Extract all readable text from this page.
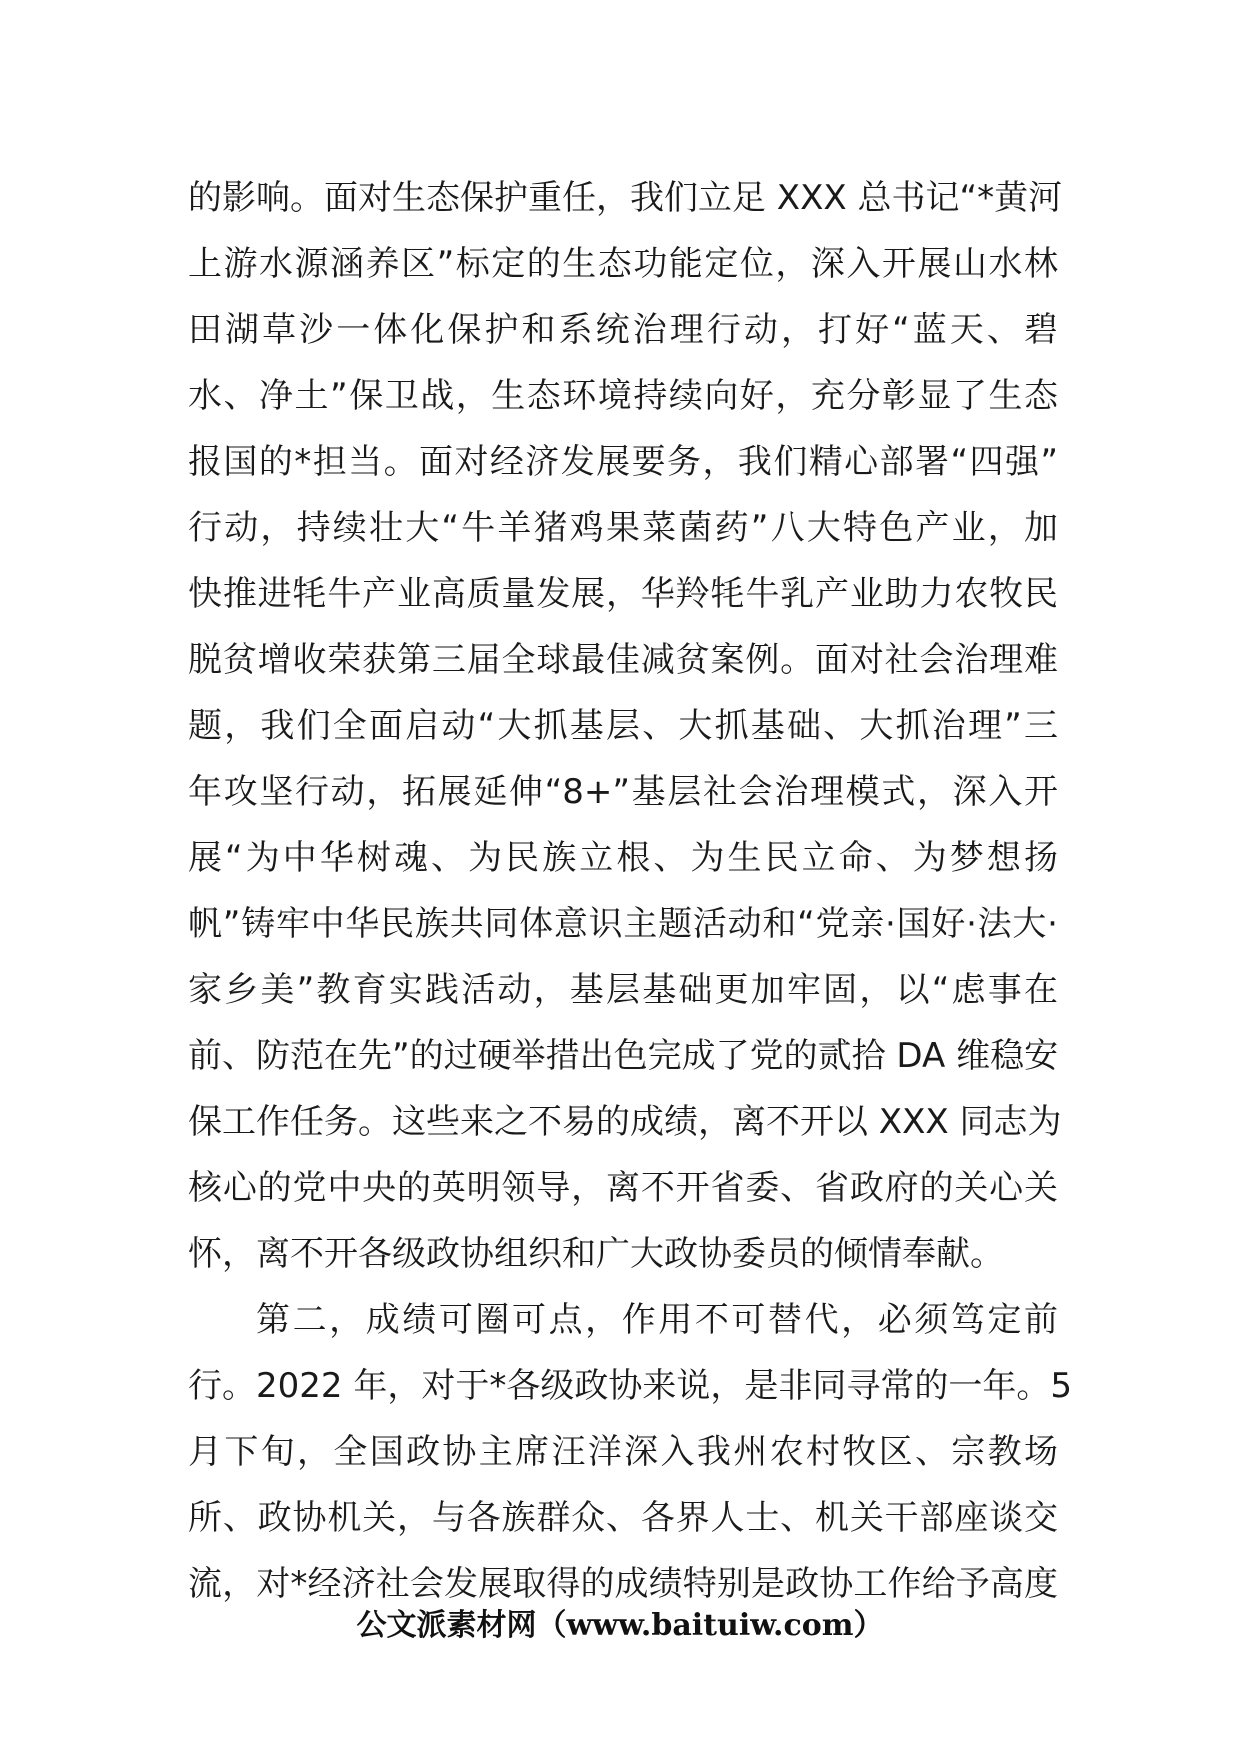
的影响。面对生态保护重任，我们立足 XXX 总书记“*黄河
上游水源涵养区”标定的生态功能定位，深入开展山水林
田湖草沙一体化保护和系统治理行动，打好“蓝天、碧
水、净土”保卫战，生态环境持续向好，充分彰显了生态
报国的*担当。面对经济发展要务，我们精心部署“四强”
行动，持续壮大“牛羊猪鸡果菜菌药”八大特色产业，加
快推进牦牛产业高质量发展，华羚牦牛乳产业助力农牧民
脱贫增收荣获第三届全球最佳减贫案例。面对社会治理难
题，我们全面启动“大抓基层、大抓基础、大抓治理”三
年攻坚行动，拓展延伸“8+”基层社会治理模式，深入开
展“为中华树魂、为民族立根、为生民立命、为梦想扬
帆”铸牢中华民族共同体意识主题活动和“党亲·国好·法大·
家乡美”教育实践活动，基层基础更加牢固，以“虑事在
前、防范在先”的过硬举措出色完成了党的贰拾 DA 维稳安
保工作任务。这些来之不易的成绩，离不开以 XXX 同志为
核心的党中央的英明领导，离不开省委、省政府的关心关
怀，离不开各级政协组织和广大政协委员的倾情奉献。
第二，成绩可圈可点，作用不可替代，必须笃定前
行。2022 年，对于*各级政协来说，是非同寻常的一年。5
月下旬，全国政协主席汪洋深入我州农村牧区、宗教场
所、政协机关，与各族群众、各界人士、机关干部座谈交
流，对*经济社会发展取得的成绩特别是政协工作给予高度
公文派素材网（www.baituiw.com）
